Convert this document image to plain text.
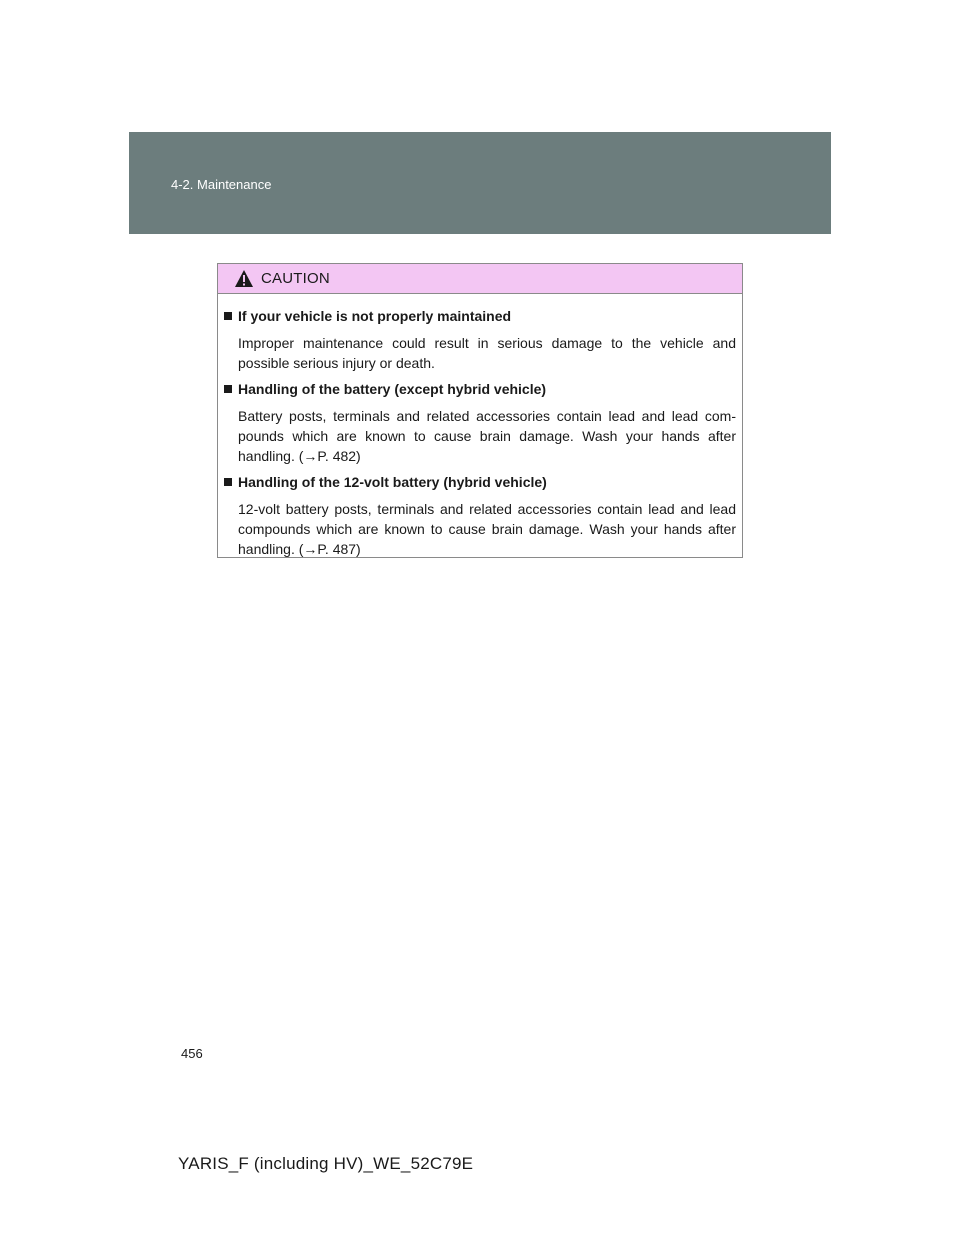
4-2. Maintenance
CAUTION
If your vehicle is not properly maintained
Improper maintenance could result in serious damage to the vehicle and possible serious injury or death.
Handling of the battery (except hybrid vehicle)
Battery posts, terminals and related accessories contain lead and lead com-pounds which are known to cause brain damage. Wash your hands after handling. (→P. 482)
Handling of the 12-volt battery (hybrid vehicle)
12-volt battery posts, terminals and related accessories contain lead and lead compounds which are known to cause brain damage. Wash your hands after handling. (→P. 487)
456
YARIS_F (including HV)_WE_52C79E
